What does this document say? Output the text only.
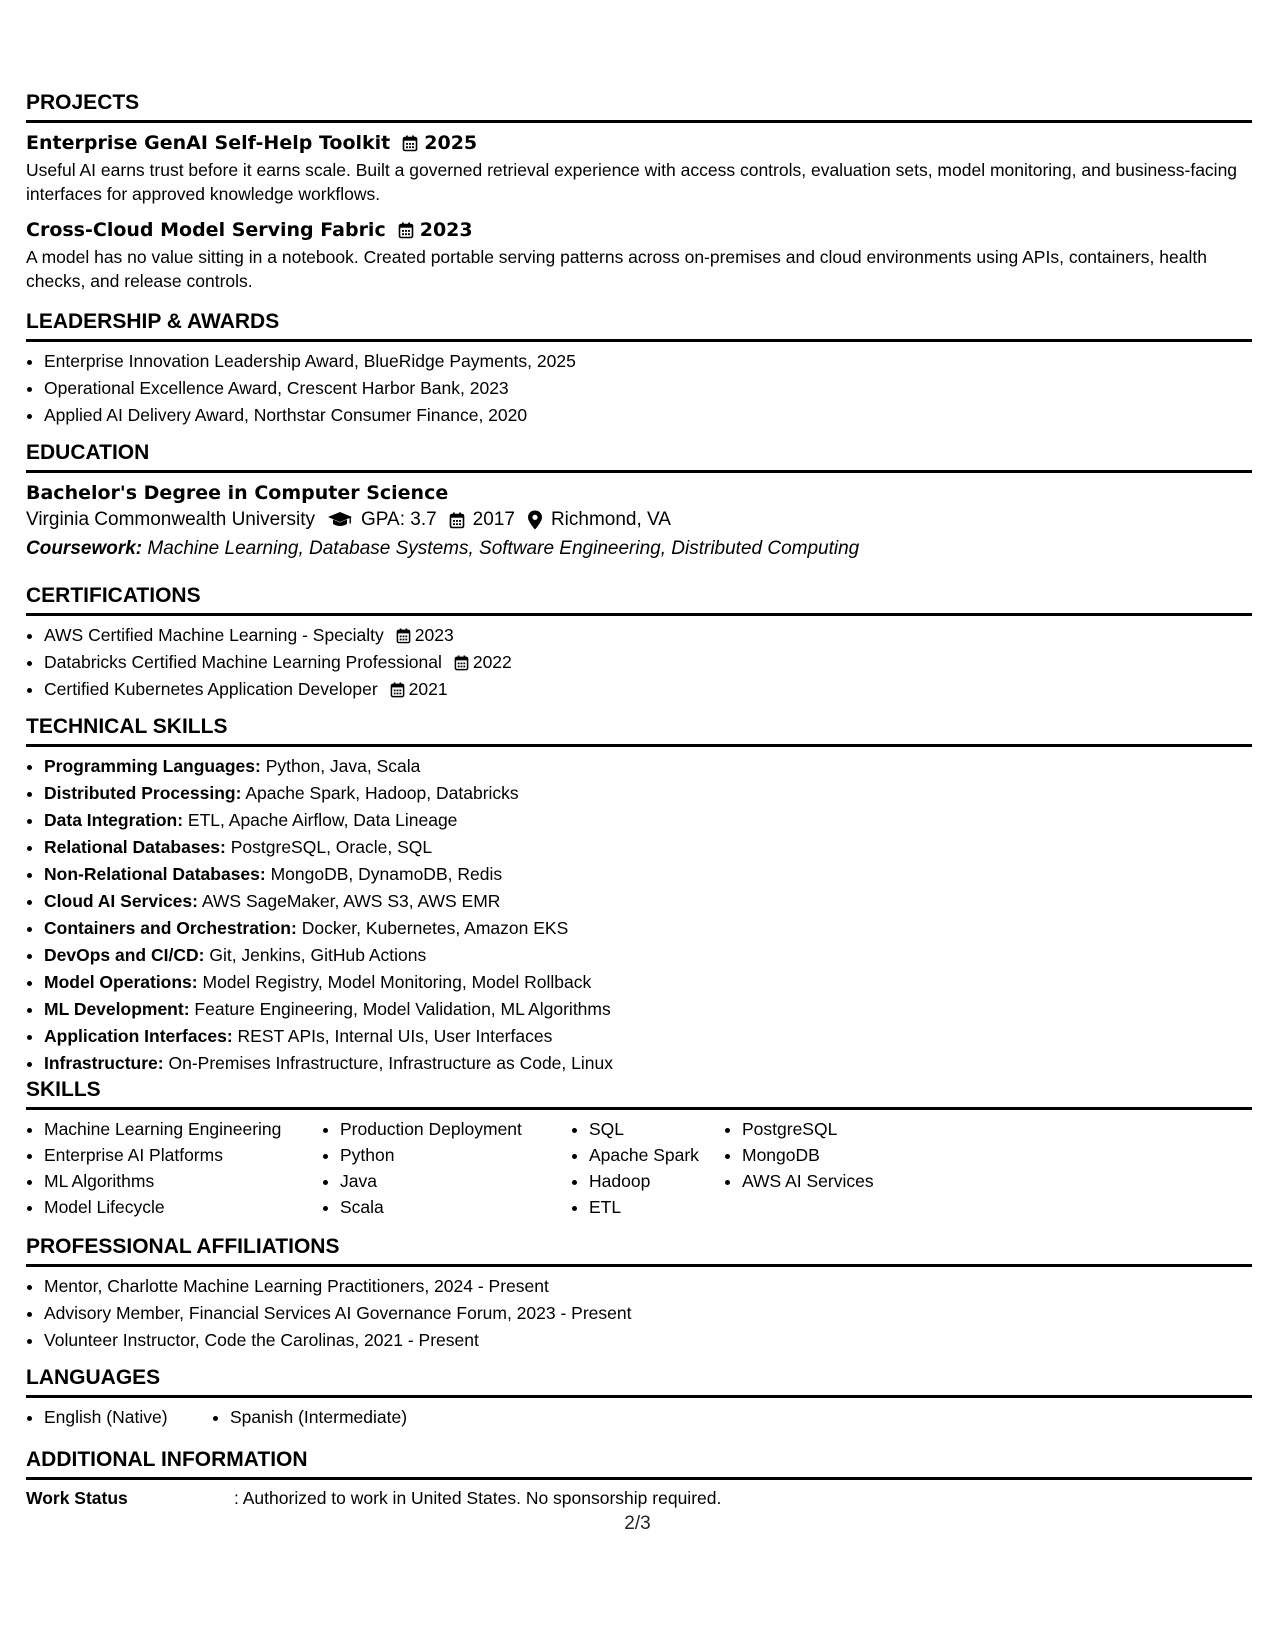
PROJECTS
Enterprise GenAI Self-Help Toolkit 2025
Useful AI earns trust before it earns scale. Built a governed retrieval experience with access controls, evaluation sets, model monitoring, and business-facing interfaces for approved knowledge workflows.
Cross-Cloud Model Serving Fabric 2023
A model has no value sitting in a notebook. Created portable serving patterns across on-premises and cloud environments using APIs, containers, health checks, and release controls.
LEADERSHIP & AWARDS
• Enterprise Innovation Leadership Award, BlueRidge Payments, 2025
• Operational Excellence Award, Crescent Harbor Bank, 2023
• Applied AI Delivery Award, Northstar Consumer Finance, 2020
EDUCATION
Bachelor's Degree in Computer Science
Virginia Commonwealth University GPA: 3.7 2017 Richmond, VA
Coursework: Machine Learning, Database Systems, Software Engineering, Distributed Computing
CERTIFICATIONS
• AWS Certified Machine Learning - Specialty 2023
• Databricks Certified Machine Learning Professional 2022
• Certified Kubernetes Application Developer 2021
TECHNICAL SKILLS
• Programming Languages: Python, Java, Scala
• Distributed Processing: Apache Spark, Hadoop, Databricks
• Data Integration: ETL, Apache Airflow, Data Lineage
• Relational Databases: PostgreSQL, Oracle, SQL
• Non-Relational Databases: MongoDB, DynamoDB, Redis
• Cloud AI Services: AWS SageMaker, AWS S3, AWS EMR
• Containers and Orchestration: Docker, Kubernetes, Amazon EKS
• DevOps and CI/CD: Git, Jenkins, GitHub Actions
• Model Operations: Model Registry, Model Monitoring, Model Rollback
• ML Development: Feature Engineering, Model Validation, ML Algorithms
• Application Interfaces: REST APIs, Internal UIs, User Interfaces
• Infrastructure: On-Premises Infrastructure, Infrastructure as Code, Linux
SKILLS
• Machine Learning Engineering
• Enterprise AI Platforms
• ML Algorithms
• Model Lifecycle
• Production Deployment
• Python
• Java
• Scala
• SQL
• Apache Spark
• Hadoop
• ETL
• PostgreSQL
• MongoDB
• AWS AI Services
PROFESSIONAL AFFILIATIONS
• Mentor, Charlotte Machine Learning Practitioners, 2024 - Present
• Advisory Member, Financial Services AI Governance Forum, 2023 - Present
• Volunteer Instructor, Code the Carolinas, 2021 - Present
LANGUAGES
• English (Native)
•	Spanish (Intermediate)
ADDITIONAL INFORMATION
Work Status	: Authorized to work in United States. No sponsorship required.
2/3
